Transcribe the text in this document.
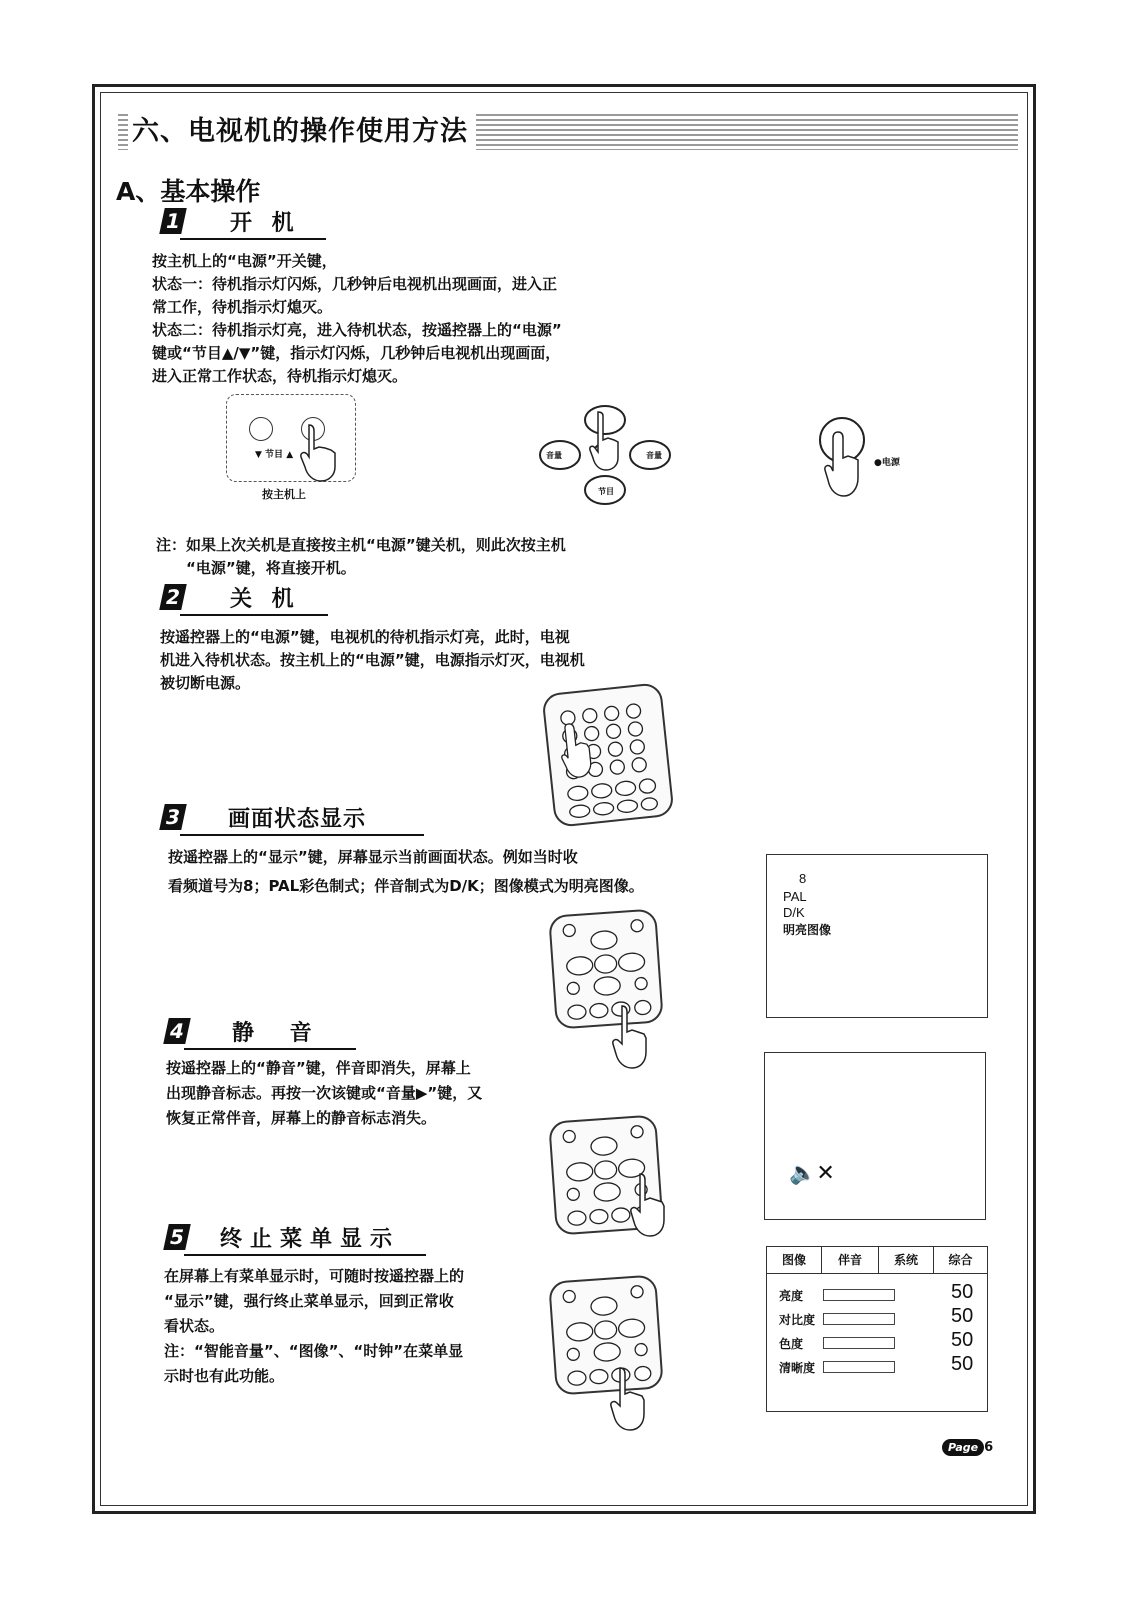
六、电视机的操作使用方法
A、基本操作
1 开 机
按主机上的“电源”开关键，
状态一：待机指示灯闪烁，几秒钟后电视机出现画面，进入正
常工作，待机指示灯熄灭。
状态二：待机指示灯亮，进入待机状态，按遥控器上的“电源”
键或“节目▲/▼”键，指示灯闪烁，几秒钟后电视机出现画面，
进入正常工作状态，待机指示灯熄灭。
▼ 节目 ▲
按主机上
音量	音量
节目
●电源
注：如果上次关机是直接按主机“电源”键关机，则此次按主机
“电源”键，将直接开机。
2 关 机
按遥控器上的“电源”键，电视机的待机指示灯亮，此时，电视
机进入待机状态。按主机上的“电源”键，电源指示灯灭，电视机
被切断电源。
3 画面状态显示
按遥控器上的“显示”键，屏幕显示当前画面状态。例如当时收
看频道号为8；PAL彩色制式；伴音制式为D/K；图像模式为明亮图像。	8
PAL
D/K
明亮图像
4 静 音
按遥控器上的“静音”键，伴音即消失，屏幕上
出现静音标志。再按一次该键或“音量▶”键，又
恢复正常伴音，屏幕上的静音标志消失。
🔈✕
5 终止菜单显示
在屏幕上有菜单显示时，可随时按遥控器上的
“显示”键，强行终止菜单显示，回到正常收
看状态。
注：“智能音量”、“图像”、“时钟”在菜单显
示时也有此功能。
图像	伴音	系统	综合
亮度	50
对比度	50
色度	50
清晰度	50
Page 6
